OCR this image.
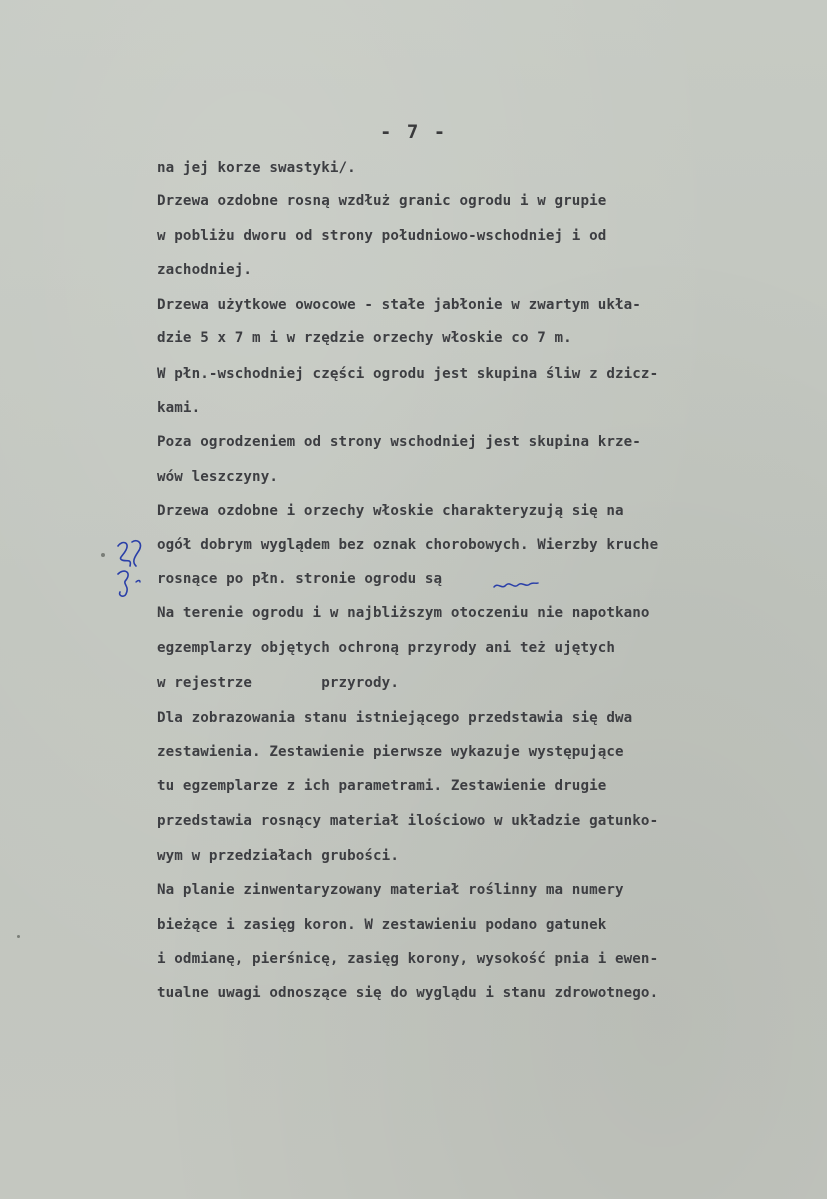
- 7 -
na jej korze swastyki/.
Drzewa ozdobne rosną wzdłuż granic ogrodu i w grupie
w pobliżu dworu od strony południowo-wschodniej i od
zachodniej.
Drzewa użytkowe owocowe - stałe jabłonie w zwartym ukła-
dzie 5 x 7 m i w rzędzie orzechy włoskie co 7 m.
W płn.-wschodniej części ogrodu jest skupina śliw z dzicz-
kami.
Poza ogrodzeniem od strony wschodniej jest skupina krze-
wów leszczyny.
Drzewa ozdobne i orzechy włoskie charakteryzują się na
ogół dobrym wyglądem bez oznak chorobowych. Wierzby kruche
rosnące po płn. stronie ogrodu są
Na terenie ogrodu i w najbliższym otoczeniu nie napotkano
egzemplarzy objętych ochroną przyrody ani też ujętych
w rejestrze        przyrody.
Dla zobrazowania stanu istniejącego przedstawia się dwa
zestawienia. Zestawienie pierwsze wykazuje występujące
tu egzemplarze z ich parametrami. Zestawienie drugie
przedstawia rosnący materiał ilościowo w układzie gatunko-
wym w przedziałach grubości.
Na planie zinwentaryzowany materiał roślinny ma numery
bieżące i zasięg koron. W zestawieniu podano gatunek
i odmianę, pierśnicę, zasięg korony, wysokość pnia i ewen-
tualne uwagi odnoszące się do wyglądu i stanu zdrowotnego.
